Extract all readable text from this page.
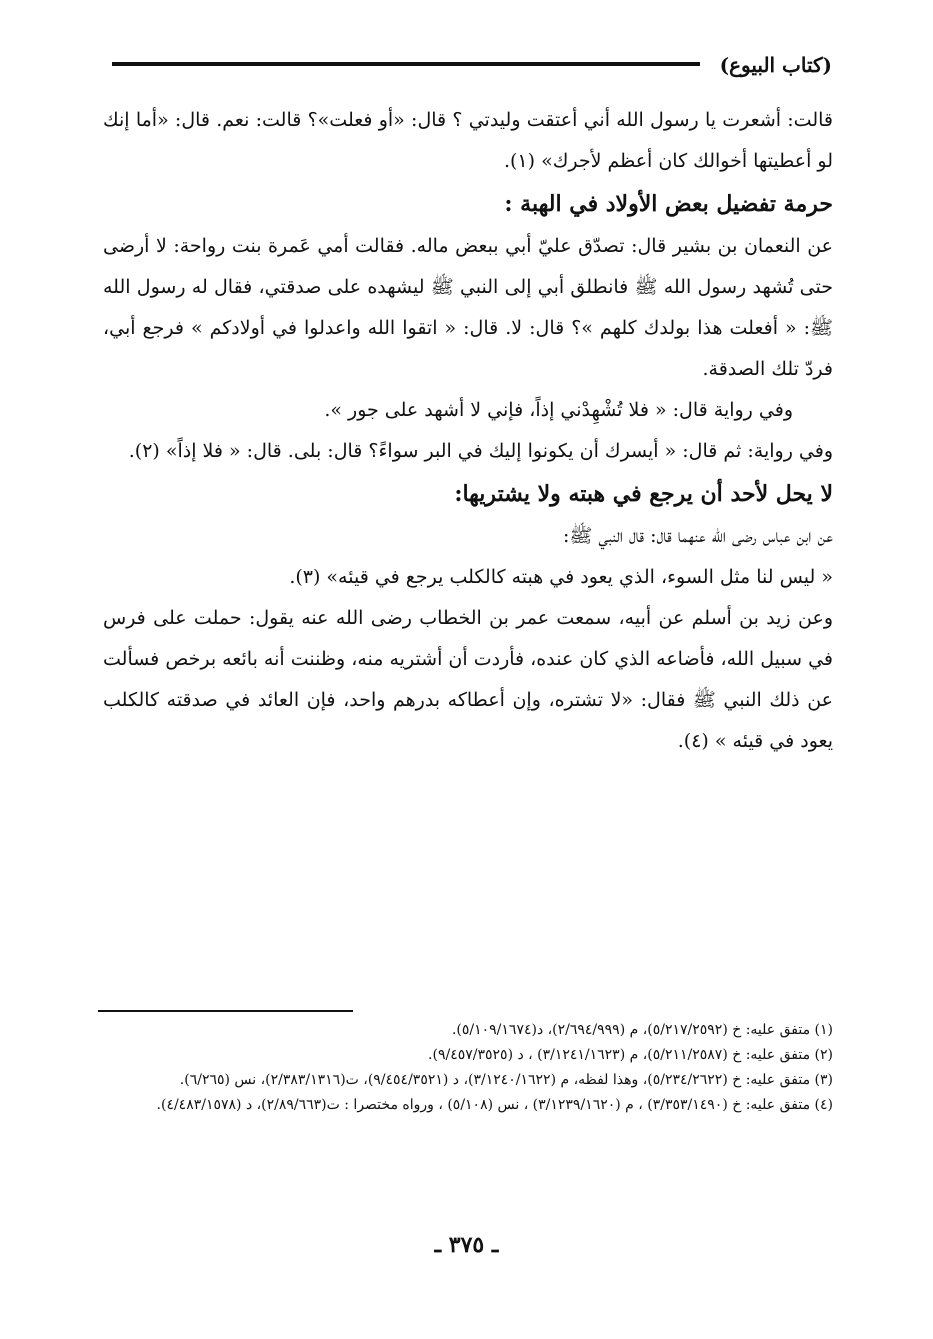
(كتاب البيوع)

قالت: أشعرت يا رسول الله أني أعتقت وليدتي ؟ قال: «أو فعلت»؟ قالت: نعم. قال: «أما إنك لو أعطيتها أخوالك كان أعظم لأجرك» (١).

حرمة تفضيل بعض الأولاد في الهبة :

عن النعمان بن بشير قال: تصدّق عليّ أبي ببعض ماله. فقالت أمي عَمرة بنت رواحة: لا أرضى حتى تُشهد رسول الله ﷺ فانطلق أبي إلى النبي ﷺ ليشهده على صدقتي، فقال له رسول الله ﷺ: « أفعلت هذا بولدك كلهم »؟ قال: لا. قال: « اتقوا الله واعدلوا في أولادكم » فرجع أبي، فردّ تلك الصدقة.

وفي رواية قال: « فلا تُشْهِدْني إذاً، فإني لا أشهد على جور ».

وفي رواية: ثم قال: « أيسرك أن يكونوا إليك في البر سواءً؟ قال: بلى. قال: « فلا إذاً» (٢).

لا يحل لأحد أن يرجع في هبته ولا يشتريها:

عن ابن عباس رضى الله عنهما قال: قال النبي ﷺ:

« ليس لنا مثل السوء، الذي يعود في هبته كالكلب يرجع في قيئه» (٣).

وعن زيد بن أسلم عن أبيه، سمعت عمر بن الخطاب رضى الله عنه يقول: حملت على فرس في سبيل الله، فأضاعه الذي كان عنده، فأردت أن أشتريه منه، وظننت أنه بائعه برخص فسألت عن ذلك النبي ﷺ فقال: «لا تشتره، وإن أعطاكه بدرهم واحد، فإن العائد في صدقته كالكلب يعود في قيئه » (٤).

(١) متفق عليه: خ (٥/٢١٧/٢٥٩٢)، م (٢/٦٩٤/٩٩٩)، د(٥/١٠٩/١٦٧٤).

(٢) متفق عليه: خ (٥/٢١١/٢٥٨٧)، م (٣/١٢٤١/١٦٢٣) ، د (٩/٤٥٧/٣٥٢٥).

(٣) متفق عليه: خ (٥/٢٣٤/٢٦٢٢)، وهذا لفظه، م (٣/١٢٤٠/١٦٢٢)، د (٩/٤٥٤/٣٥٢١)، ت(٢/٣٨٣/١٣١٦)، نس (٦/٢٦٥).

(٤) متفق عليه: خ (٣/٣٥٣/١٤٩٠) ، م (٣/١٢٣٩/١٦٢٠) ، نس (٥/١٠٨) ، ورواه مختصرا : ت(٢/٨٩/٦٦٣)، د (٤/٤٨٣/١٥٧٨).

ـ ٣٧٥ ـ
